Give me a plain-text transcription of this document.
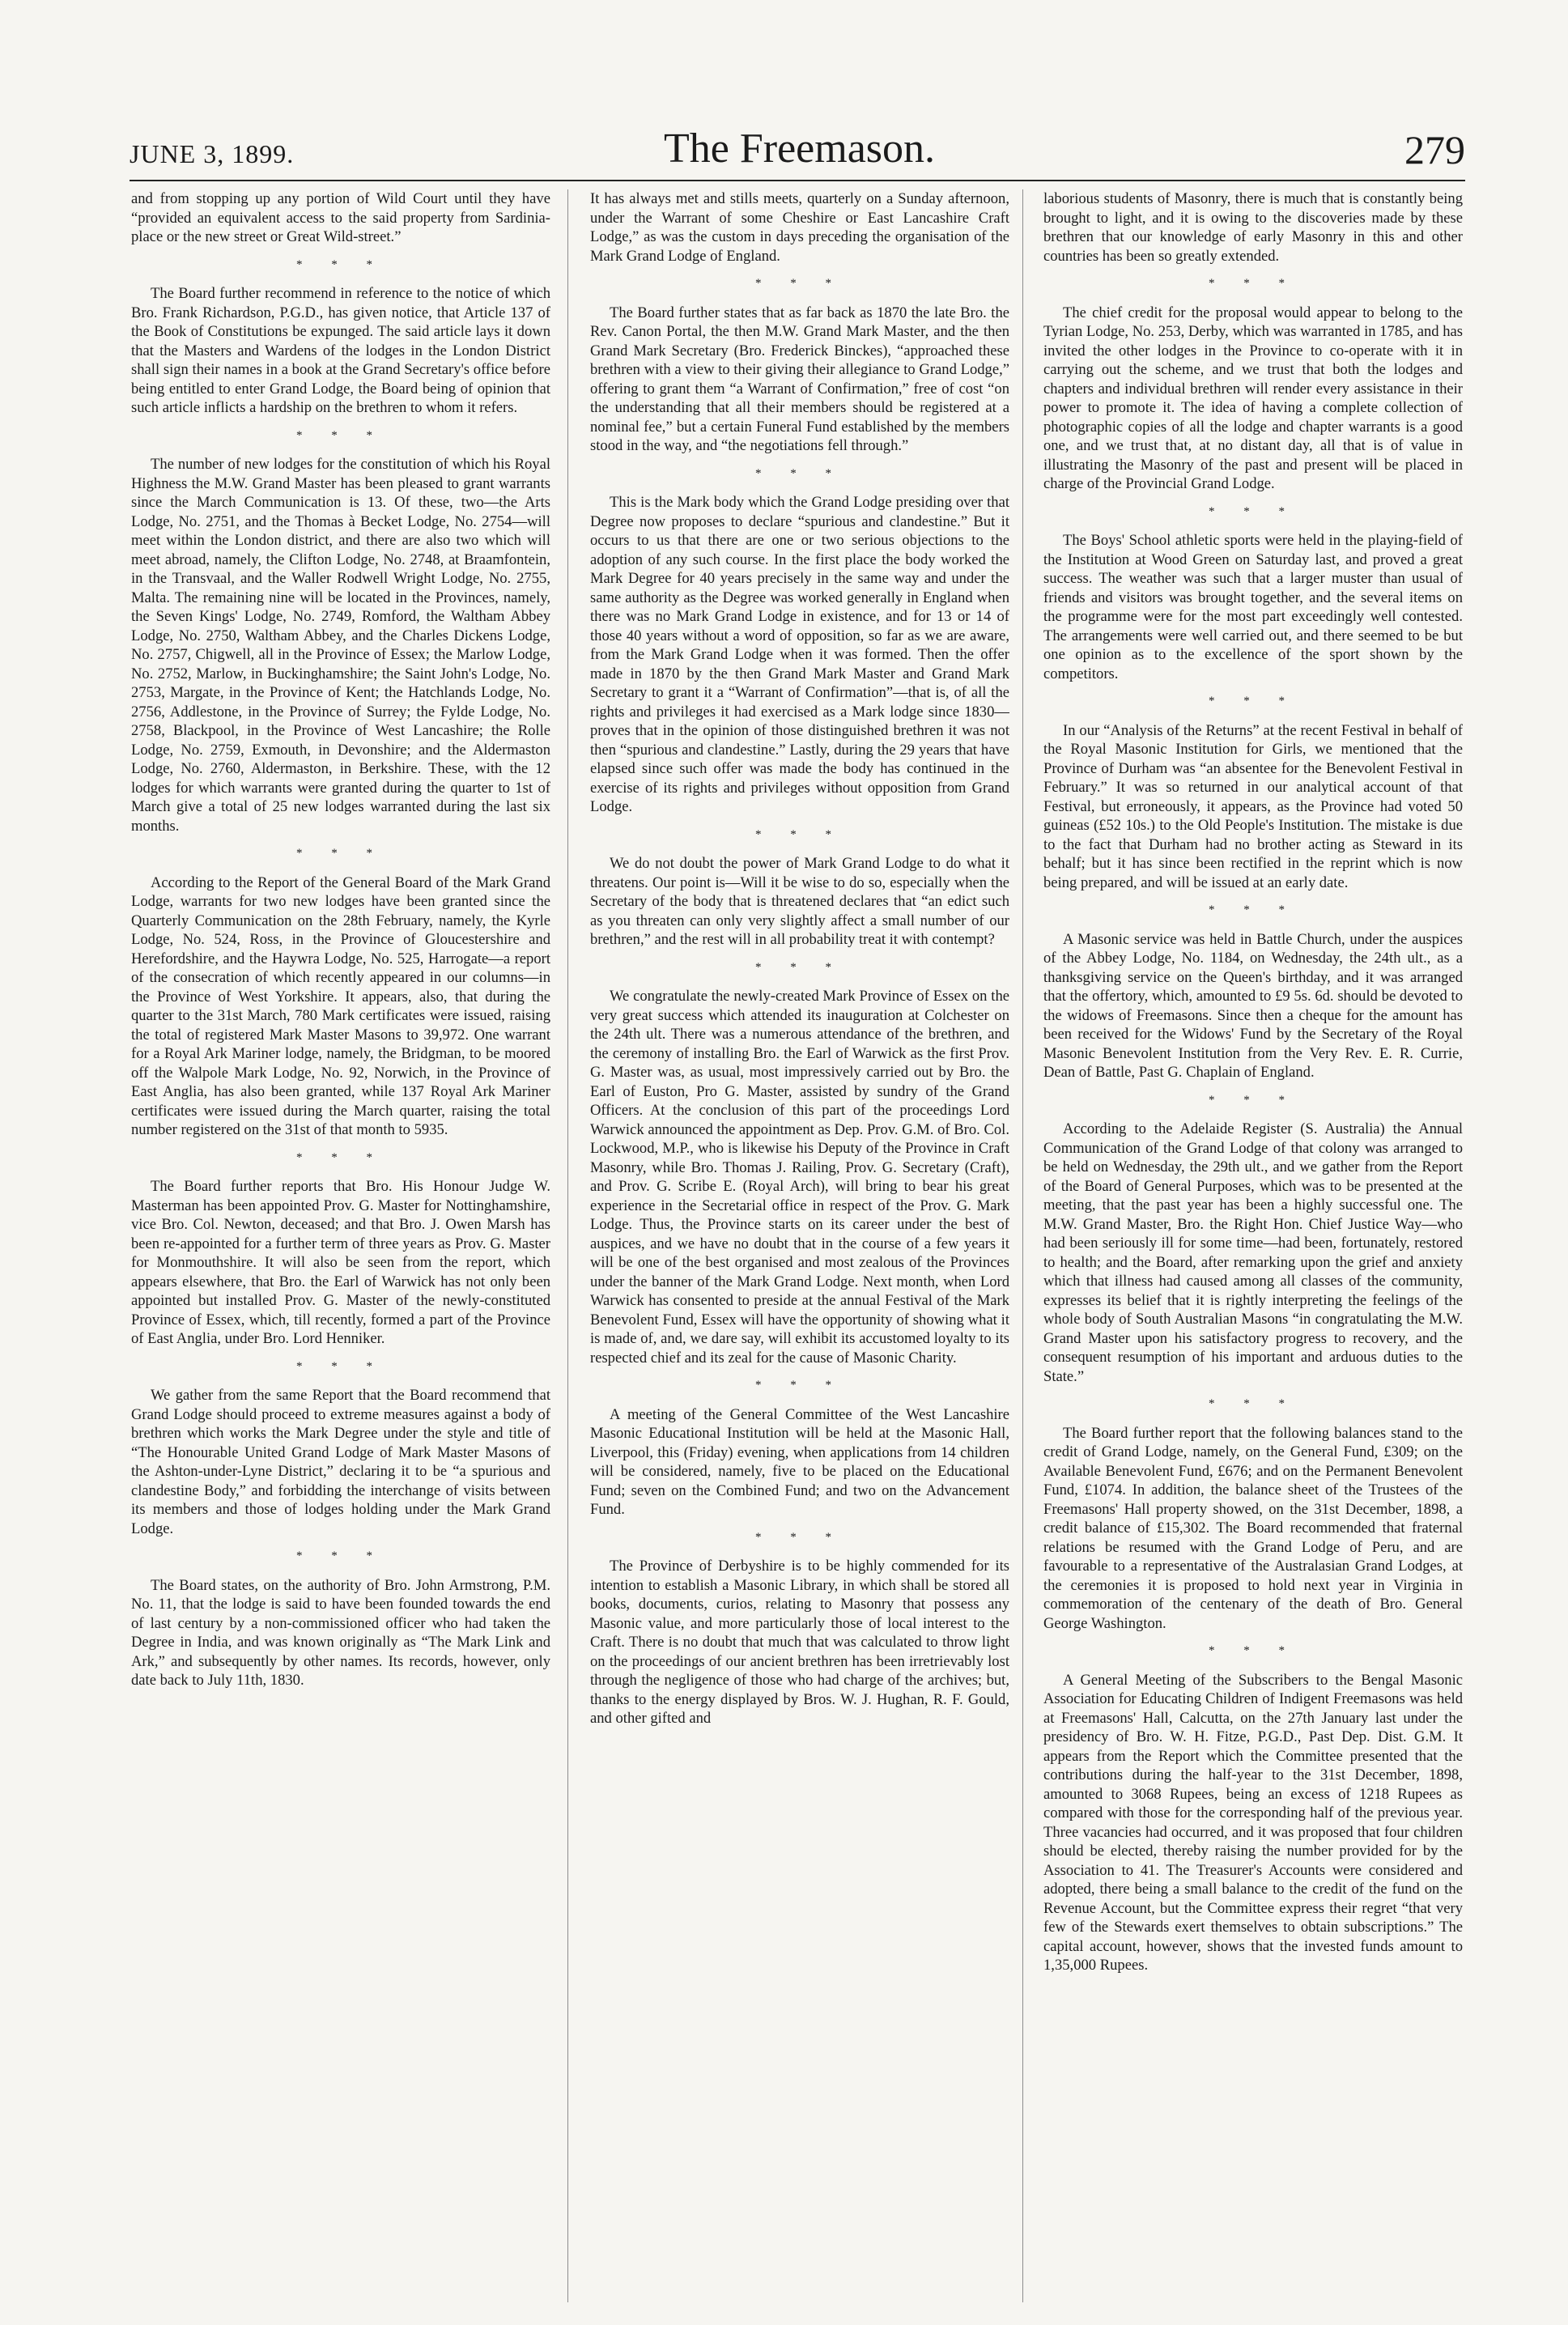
JUNE 3, 1899.	The Freemason.	279

and from stopping up any portion of Wild Court until they have “provided an equivalent access to the said property from Sardinia-place or the new street or Great Wild-street.”

* * *

The Board further recommend in reference to the notice of which Bro. Frank Richardson, P.G.D., has given notice, that Article 137 of the Book of Constitutions be expunged. The said article lays it down that the Masters and Wardens of the lodges in the London District shall sign their names in a book at the Grand Secretary's office before being entitled to enter Grand Lodge, the Board being of opinion that such article inflicts a hardship on the brethren to whom it refers.

* * *

The number of new lodges for the constitution of which his Royal Highness the M.W. Grand Master has been pleased to grant warrants since the March Communication is 13. Of these, two—the Arts Lodge, No. 2751, and the Thomas à Becket Lodge, No. 2754—will meet within the London district, and there are also two which will meet abroad, namely, the Clifton Lodge, No. 2748, at Braamfontein, in the Transvaal, and the Waller Rodwell Wright Lodge, No. 2755, Malta. The remaining nine will be located in the Provinces, namely, the Seven Kings' Lodge, No. 2749, Romford, the Waltham Abbey Lodge, No. 2750, Waltham Abbey, and the Charles Dickens Lodge, No. 2757, Chigwell, all in the Province of Essex; the Marlow Lodge, No. 2752, Marlow, in Buckinghamshire; the Saint John's Lodge, No. 2753, Margate, in the Province of Kent; the Hatchlands Lodge, No. 2756, Addlestone, in the Province of Surrey; the Fylde Lodge, No. 2758, Blackpool, in the Province of West Lancashire; the Rolle Lodge, No. 2759, Exmouth, in Devonshire; and the Aldermaston Lodge, No. 2760, Aldermaston, in Berkshire. These, with the 12 lodges for which warrants were granted during the quarter to 1st of March give a total of 25 new lodges warranted during the last six months.

* * *

According to the Report of the General Board of the Mark Grand Lodge, warrants for two new lodges have been granted since the Quarterly Communication on the 28th February, namely, the Kyrle Lodge, No. 524, Ross, in the Province of Gloucestershire and Herefordshire, and the Haywra Lodge, No. 525, Harrogate—a report of the consecration of which recently appeared in our columns—in the Province of West Yorkshire. It appears, also, that during the quarter to the 31st March, 780 Mark certificates were issued, raising the total of registered Mark Master Masons to 39,972. One warrant for a Royal Ark Mariner lodge, namely, the Bridgman, to be moored off the Walpole Mark Lodge, No. 92, Norwich, in the Province of East Anglia, has also been granted, while 137 Royal Ark Mariner certificates were issued during the March quarter, raising the total number registered on the 31st of that month to 5935.

* * *

The Board further reports that Bro. His Honour Judge W. Masterman has been appointed Prov. G. Master for Nottinghamshire, vice Bro. Col. Newton, deceased; and that Bro. J. Owen Marsh has been re-appointed for a further term of three years as Prov. G. Master for Monmouthshire. It will also be seen from the report, which appears elsewhere, that Bro. the Earl of Warwick has not only been appointed but installed Prov. G. Master of the newly-constituted Province of Essex, which, till recently, formed a part of the Province of East Anglia, under Bro. Lord Henniker.

* * *

We gather from the same Report that the Board recommend that Grand Lodge should proceed to extreme measures against a body of brethren which works the Mark Degree under the style and title of “The Honourable United Grand Lodge of Mark Master Masons of the Ashton-under-Lyne District,” declaring it to be “a spurious and clandestine Body,” and forbidding the interchange of visits between its members and those of lodges holding under the Mark Grand Lodge.

* * *

The Board states, on the authority of Bro. John Armstrong, P.M. No. 11, that the lodge is said to have been founded towards the end of last century by a non-commissioned officer who had taken the Degree in India, and was known originally as “The Mark Link and Ark,” and subsequently by other names. Its records, however, only date back to July 11th, 1830.

It has always met and stills meets, quarterly on a Sunday afternoon, under the Warrant of some Cheshire or East Lancashire Craft Lodge,” as was the custom in days preceding the organisation of the Mark Grand Lodge of England.

* * *

The Board further states that as far back as 1870 the late Bro. the Rev. Canon Portal, the then M.W. Grand Mark Master, and the then Grand Mark Secretary (Bro. Frederick Binckes), “approached these brethren with a view to their giving their allegiance to Grand Lodge,” offering to grant them “a Warrant of Confirmation,” free of cost “on the understanding that all their members should be registered at a nominal fee,” but a certain Funeral Fund established by the members stood in the way, and “the negotiations fell through.”

* * *

This is the Mark body which the Grand Lodge presiding over that Degree now proposes to declare “spurious and clandestine.” But it occurs to us that there are one or two serious objections to the adoption of any such course. In the first place the body worked the Mark Degree for 40 years precisely in the same way and under the same authority as the Degree was worked generally in England when there was no Mark Grand Lodge in existence, and for 13 or 14 of those 40 years without a word of opposition, so far as we are aware, from the Mark Grand Lodge when it was formed. Then the offer made in 1870 by the then Grand Mark Master and Grand Mark Secretary to grant it a “Warrant of Confirmation”—that is, of all the rights and privileges it had exercised as a Mark lodge since 1830—proves that in the opinion of those distinguished brethren it was not then “spurious and clandestine.” Lastly, during the 29 years that have elapsed since such offer was made the body has continued in the exercise of its rights and privileges without opposition from Grand Lodge.

* * *

We do not doubt the power of Mark Grand Lodge to do what it threatens. Our point is—Will it be wise to do so, especially when the Secretary of the body that is threatened declares that “an edict such as you threaten can only very slightly affect a small number of our brethren,” and the rest will in all probability treat it with contempt?

* * *

We congratulate the newly-created Mark Province of Essex on the very great success which attended its inauguration at Colchester on the 24th ult. There was a numerous attendance of the brethren, and the ceremony of installing Bro. the Earl of Warwick as the first Prov. G. Master was, as usual, most impressively carried out by Bro. the Earl of Euston, Pro G. Master, assisted by sundry of the Grand Officers. At the conclusion of this part of the proceedings Lord Warwick announced the appointment as Dep. Prov. G.M. of Bro. Col. Lockwood, M.P., who is likewise his Deputy of the Province in Craft Masonry, while Bro. Thomas J. Railing, Prov. G. Secretary (Craft), and Prov. G. Scribe E. (Royal Arch), will bring to bear his great experience in the Secretarial office in respect of the Prov. G. Mark Lodge. Thus, the Province starts on its career under the best of auspices, and we have no doubt that in the course of a few years it will be one of the best organised and most zealous of the Provinces under the banner of the Mark Grand Lodge. Next month, when Lord Warwick has consented to preside at the annual Festival of the Mark Benevolent Fund, Essex will have the opportunity of showing what it is made of, and, we dare say, will exhibit its accustomed loyalty to its respected chief and its zeal for the cause of Masonic Charity.

* * *

A meeting of the General Committee of the West Lancashire Masonic Educational Institution will be held at the Masonic Hall, Liverpool, this (Friday) evening, when applications from 14 children will be considered, namely, five to be placed on the Educational Fund; seven on the Combined Fund; and two on the Advancement Fund.

* * *

The Province of Derbyshire is to be highly commended for its intention to establish a Masonic Library, in which shall be stored all books, documents, curios, relating to Masonry that possess any Masonic value, and more particularly those of local interest to the Craft. There is no doubt that much that was calculated to throw light on the proceedings of our ancient brethren has been irretrievably lost through the negligence of those who had charge of the archives; but, thanks to the energy displayed by Bros. W. J. Hughan, R. F. Gould, and other gifted and

laborious students of Masonry, there is much that is constantly being brought to light, and it is owing to the discoveries made by these brethren that our knowledge of early Masonry in this and other countries has been so greatly extended.

* * *

The chief credit for the proposal would appear to belong to the Tyrian Lodge, No. 253, Derby, which was warranted in 1785, and has invited the other lodges in the Province to co-operate with it in carrying out the scheme, and we trust that both the lodges and chapters and individual brethren will render every assistance in their power to promote it. The idea of having a complete collection of photographic copies of all the lodge and chapter warrants is a good one, and we trust that, at no distant day, all that is of value in illustrating the Masonry of the past and present will be placed in charge of the Provincial Grand Lodge.

* * *

The Boys' School athletic sports were held in the playing-field of the Institution at Wood Green on Saturday last, and proved a great success. The weather was such that a larger muster than usual of friends and visitors was brought together, and the several items on the programme were for the most part exceedingly well contested. The arrangements were well carried out, and there seemed to be but one opinion as to the excellence of the sport shown by the competitors.

* * *

In our “Analysis of the Returns” at the recent Festival in behalf of the Royal Masonic Institution for Girls, we mentioned that the Province of Durham was “an absentee for the Benevolent Festival in February.” It was so returned in our analytical account of that Festival, but erroneously, it appears, as the Province had voted 50 guineas (£52 10s.) to the Old People's Institution. The mistake is due to the fact that Durham had no brother acting as Steward in its behalf; but it has since been rectified in the reprint which is now being prepared, and will be issued at an early date.

* * *

A Masonic service was held in Battle Church, under the auspices of the Abbey Lodge, No. 1184, on Wednesday, the 24th ult., as a thanksgiving service on the Queen's birthday, and it was arranged that the offertory, which, amounted to £9 5s. 6d. should be devoted to the widows of Freemasons. Since then a cheque for the amount has been received for the Widows' Fund by the Secretary of the Royal Masonic Benevolent Institution from the Very Rev. E. R. Currie, Dean of Battle, Past G. Chaplain of England.

* * *

According to the Adelaide Register (S. Australia) the Annual Communication of the Grand Lodge of that colony was arranged to be held on Wednesday, the 29th ult., and we gather from the Report of the Board of General Purposes, which was to be presented at the meeting, that the past year has been a highly successful one. The M.W. Grand Master, Bro. the Right Hon. Chief Justice Way—who had been seriously ill for some time—had been, fortunately, restored to health; and the Board, after remarking upon the grief and anxiety which that illness had caused among all classes of the community, expresses its belief that it is rightly interpreting the feelings of the whole body of South Australian Masons “in congratulating the M.W. Grand Master upon his satisfactory progress to recovery, and the consequent resumption of his important and arduous duties to the State.”

* * *

The Board further report that the following balances stand to the credit of Grand Lodge, namely, on the General Fund, £309; on the Available Benevolent Fund, £676; and on the Permanent Benevolent Fund, £1074. In addition, the balance sheet of the Trustees of the Freemasons' Hall property showed, on the 31st December, 1898, a credit balance of £15,302. The Board recommended that fraternal relations be resumed with the Grand Lodge of Peru, and are favourable to a representative of the Australasian Grand Lodges, at the ceremonies it is proposed to hold next year in Virginia in commemoration of the centenary of the death of Bro. General George Washington.

* * *

A General Meeting of the Subscribers to the Bengal Masonic Association for Educating Children of Indigent Freemasons was held at Freemasons' Hall, Calcutta, on the 27th January last under the presidency of Bro. W. H. Fitze, P.G.D., Past Dep. Dist. G.M. It appears from the Report which the Committee presented that the contributions during the half-year to the 31st December, 1898, amounted to 3068 Rupees, being an excess of 1218 Rupees as compared with those for the corresponding half of the previous year. Three vacancies had occurred, and it was proposed that four children should be elected, thereby raising the number provided for by the Association to 41. The Treasurer's Accounts were considered and adopted, there being a small balance to the credit of the fund on the Revenue Account, but the Committee express their regret “that very few of the Stewards exert themselves to obtain subscriptions.” The capital account, however, shows that the invested funds amount to 1,35,000 Rupees.
